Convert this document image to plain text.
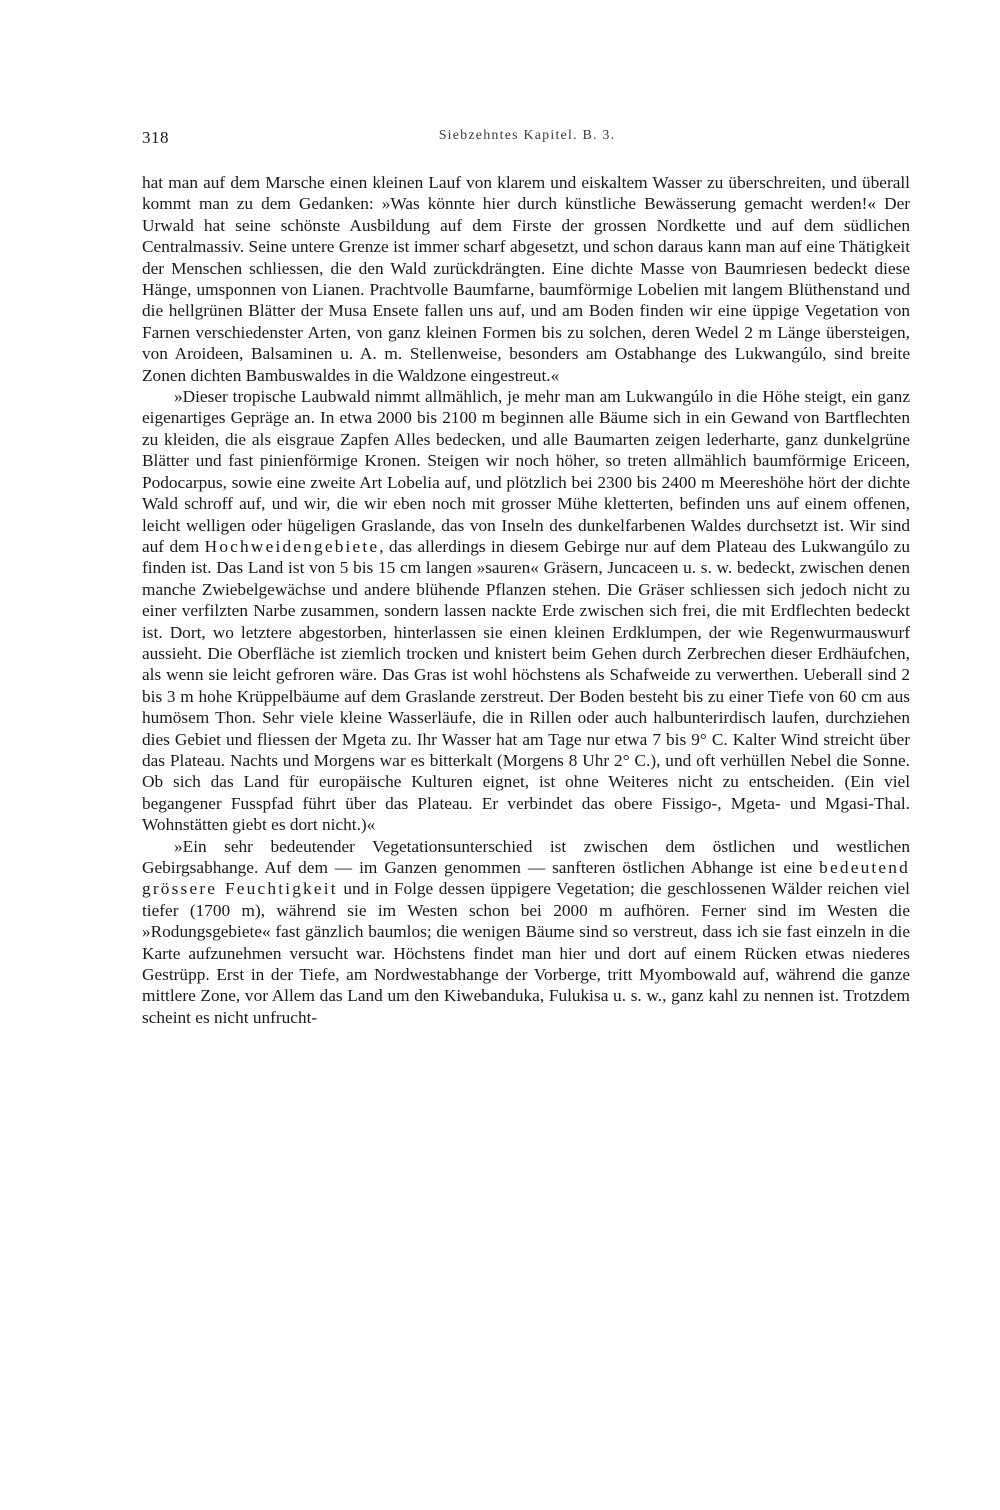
318	Siebzehntes Kapitel. B. 3.

hat man auf dem Marsche einen kleinen Lauf von klarem und eiskaltem Wasser zu überschreiten, und überall kommt man zu dem Gedanken: »Was könnte hier durch künstliche Bewässerung gemacht werden!« Der Urwald hat seine schönste Ausbildung auf dem Firste der grossen Nordkette und auf dem südlichen Centralmassiv. Seine untere Grenze ist immer scharf abgesetzt, und schon daraus kann man auf eine Thätigkeit der Menschen schliessen, die den Wald zurückdrängten. Eine dichte Masse von Baumriesen bedeckt diese Hänge, umsponnen von Lianen. Prachtvolle Baumfarne, baumförmige Lobelien mit langem Blüthenstand und die hellgrünen Blätter der Musa Ensete fallen uns auf, und am Boden finden wir eine üppige Vegetation von Farnen verschiedenster Arten, von ganz kleinen Formen bis zu solchen, deren Wedel 2 m Länge übersteigen, von Aroideen, Balsaminen u. A. m. Stellenweise, besonders am Ostabhange des Lukwangúlo, sind breite Zonen dichten Bambuswaldes in die Waldzone eingestreut.«

»Dieser tropische Laubwald nimmt allmählich, je mehr man am Lukwangúlo in die Höhe steigt, ein ganz eigenartiges Gepräge an. In etwa 2000 bis 2100 m beginnen alle Bäume sich in ein Gewand von Bartflechten zu kleiden, die als eisgraue Zapfen Alles bedecken, und alle Baumarten zeigen lederharte, ganz dunkelgrüne Blätter und fast pinienförmige Kronen. Steigen wir noch höher, so treten allmählich baumförmige Ericeen, Podocarpus, sowie eine zweite Art Lobelia auf, und plötzlich bei 2300 bis 2400 m Meereshöhe hört der dichte Wald schroff auf, und wir, die wir eben noch mit grosser Mühe kletterten, befinden uns auf einem offenen, leicht welligen oder hügeligen Graslande, das von Inseln des dunkelfarbenen Waldes durchsetzt ist. Wir sind auf dem Hochweidengebiete, das allerdings in diesem Gebirge nur auf dem Plateau des Lukwangúlo zu finden ist. Das Land ist von 5 bis 15 cm langen »sauren« Gräsern, Juncaceen u. s. w. bedeckt, zwischen denen manche Zwiebelgewächse und andere blühende Pflanzen stehen. Die Gräser schliessen sich jedoch nicht zu einer verfilzten Narbe zusammen, sondern lassen nackte Erde zwischen sich frei, die mit Erdflechten bedeckt ist. Dort, wo letztere abgestorben, hinterlassen sie einen kleinen Erdklumpen, der wie Regenwurmauswurf aussieht. Die Oberfläche ist ziemlich trocken und knistert beim Gehen durch Zerbrechen dieser Erdhäufchen, als wenn sie leicht gefroren wäre. Das Gras ist wohl höchstens als Schafweide zu verwerthen. Ueberall sind 2 bis 3 m hohe Krüppelbäume auf dem Graslande zerstreut. Der Boden besteht bis zu einer Tiefe von 60 cm aus humösem Thon. Sehr viele kleine Wasserläufe, die in Rillen oder auch halbunterirdisch laufen, durchziehen dies Gebiet und fliessen der Mgeta zu. Ihr Wasser hat am Tage nur etwa 7 bis 9° C. Kalter Wind streicht über das Plateau. Nachts und Morgens war es bitterkalt (Morgens 8 Uhr 2° C.), und oft verhüllen Nebel die Sonne. Ob sich das Land für europäische Kulturen eignet, ist ohne Weiteres nicht zu entscheiden. (Ein viel begangener Fusspfad führt über das Plateau. Er verbindet das obere Fissigo-, Mgeta- und Mgasi-Thal. Wohnstätten giebt es dort nicht.)«

»Ein sehr bedeutender Vegetationsunterschied ist zwischen dem östlichen und westlichen Gebirgsabhange. Auf dem — im Ganzen genommen — sanfteren östlichen Abhange ist eine bedeutend grössere Feuchtigkeit und in Folge dessen üppigere Vegetation; die geschlossenen Wälder reichen viel tiefer (1700 m), während sie im Westen schon bei 2000 m aufhören. Ferner sind im Westen die »Rodungsgebiete« fast gänzlich baumlos; die wenigen Bäume sind so verstreut, dass ich sie fast einzeln in die Karte aufzunehmen versucht war. Höchstens findet man hier und dort auf einem Rücken etwas niederes Gestrüpp. Erst in der Tiefe, am Nordwestabhange der Vorberge, tritt Myombowald auf, während die ganze mittlere Zone, vor Allem das Land um den Kiwebanduka, Fulukisa u. s. w., ganz kahl zu nennen ist. Trotzdem scheint es nicht unfrucht-
